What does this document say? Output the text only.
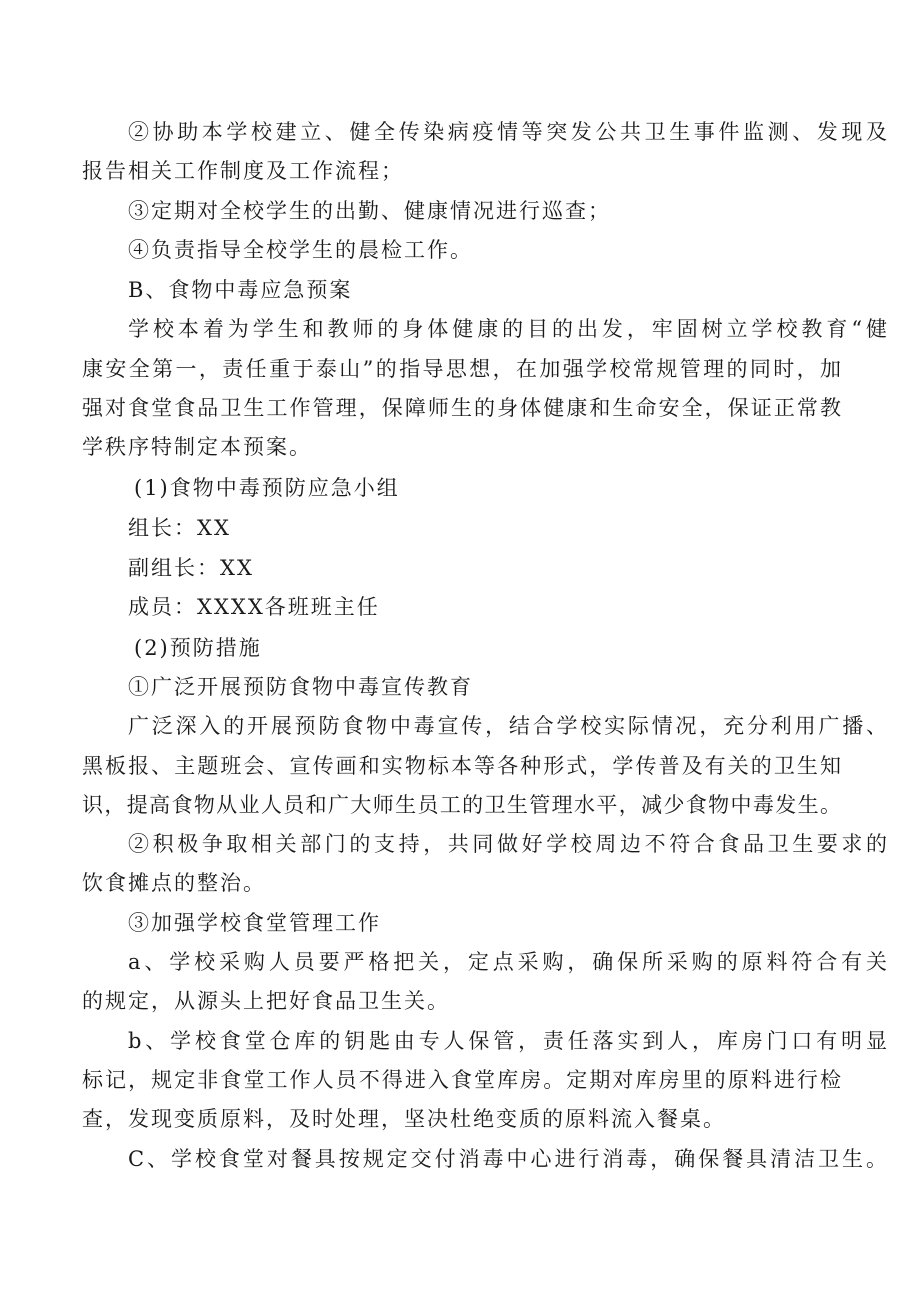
②协助本学校建立、健全传染病疫情等突发公共卫生事件监测、发现及
报告相关工作制度及工作流程；
③定期对全校学生的出勤、健康情况进行巡查；
④负责指导全校学生的晨检工作。
B、食物中毒应急预案
学校本着为学生和教师的身体健康的目的出发，牢固树立学校教育“健
康安全第一，责任重于泰山”的指导思想，在加强学校常规管理的同时，加
强对食堂食品卫生工作管理，保障师生的身体健康和生命安全，保证正常教
学秩序特制定本预案。
(1)食物中毒预防应急小组
组长：XX
副组长：XX
成员：XXXX各班班主任
(2)预防措施
①广泛开展预防食物中毒宣传教育
广泛深入的开展预防食物中毒宣传，结合学校实际情况，充分利用广播、
黑板报、主题班会、宣传画和实物标本等各种形式，学传普及有关的卫生知
识，提高食物从业人员和广大师生员工的卫生管理水平，减少食物中毒发生。
②积极争取相关部门的支持，共同做好学校周边不符合食品卫生要求的
饮食摊点的整治。
③加强学校食堂管理工作
a、学校采购人员要严格把关，定点采购，确保所采购的原料符合有关
的规定，从源头上把好食品卫生关。
b、学校食堂仓库的钥匙由专人保管，责任落实到人，库房门口有明显
标记，规定非食堂工作人员不得进入食堂库房。定期对库房里的原料进行检
查，发现变质原料，及时处理，坚决杜绝变质的原料流入餐桌。
C、学校食堂对餐具按规定交付消毒中心进行消毒，确保餐具清洁卫生。
